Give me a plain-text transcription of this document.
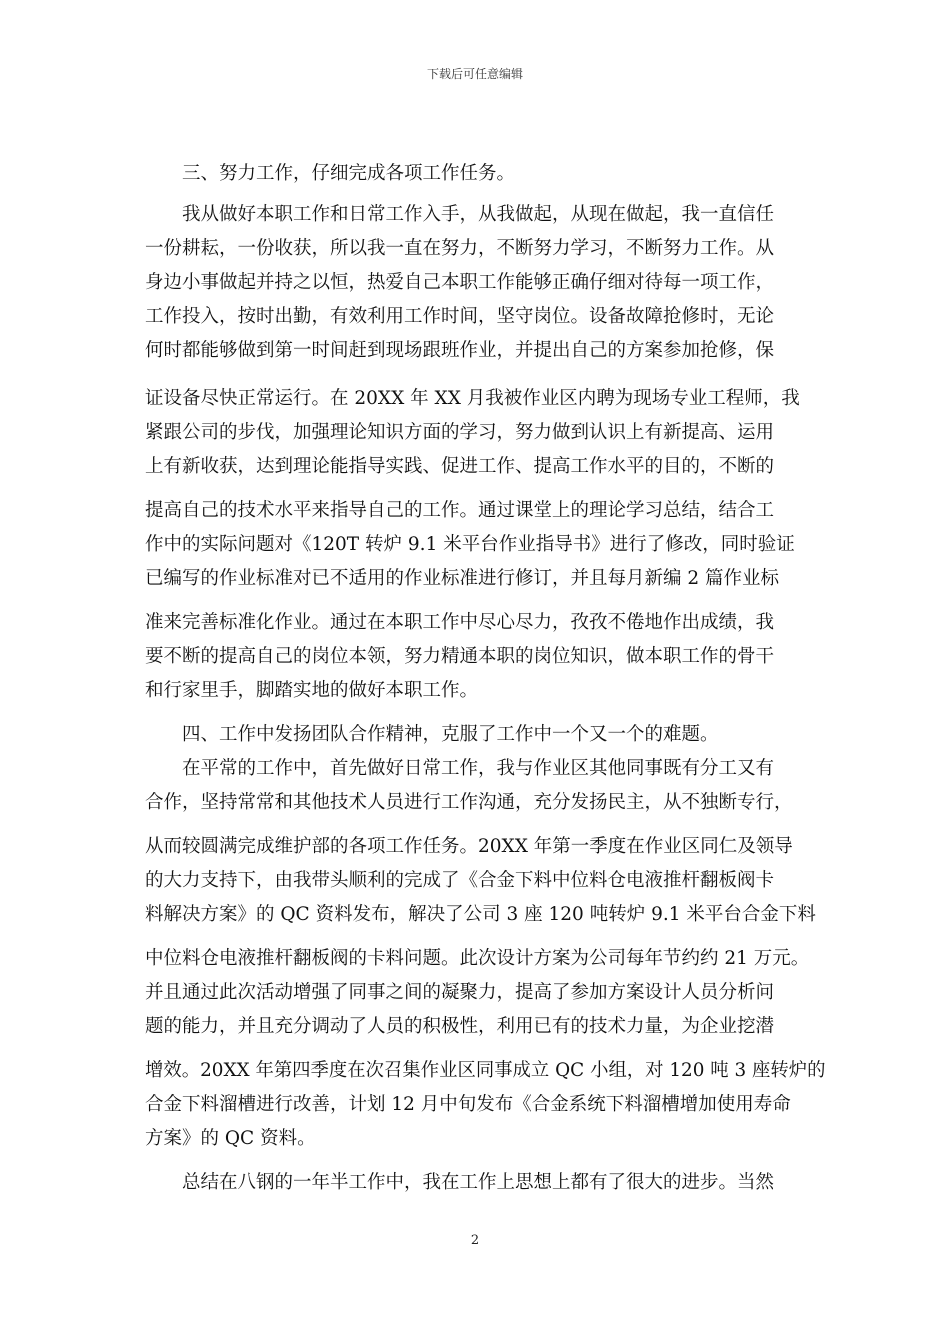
下载后可任意编辑
　　三、努力工作，仔细完成各项工作任务。
　　我从做好本职工作和日常工作入手，从我做起，从现在做起，我一直信任
一份耕耘，一份收获，所以我一直在努力，不断努力学习，不断努力工作。从
身边小事做起并持之以恒，热爱自己本职工作能够正确仔细对待每一项工作，
工作投入，按时出勤，有效利用工作时间，坚守岗位。设备故障抢修时，无论
何时都能够做到第一时间赶到现场跟班作业，并提出自己的方案参加抢修，保
证设备尽快正常运行。在 20XX 年 XX 月我被作业区内聘为现场专业工程师，我
紧跟公司的步伐，加强理论知识方面的学习，努力做到认识上有新提高、运用
上有新收获，达到理论能指导实践、促进工作、提高工作水平的目的，不断的
提高自己的技术水平来指导自己的工作。通过课堂上的理论学习总结，结合工
作中的实际问题对《120T 转炉 9.1 米平台作业指导书》进行了修改，同时验证
已编写的作业标准对已不适用的作业标准进行修订，并且每月新编 2 篇作业标
准来完善标准化作业。通过在本职工作中尽心尽力，孜孜不倦地作出成绩，我
要不断的提高自己的岗位本领，努力精通本职的岗位知识，做本职工作的骨干
和行家里手，脚踏实地的做好本职工作。
　　四、工作中发扬团队合作精神，克服了工作中一个又一个的难题。
　　在平常的工作中，首先做好日常工作，我与作业区其他同事既有分工又有
合作，坚持常常和其他技术人员进行工作沟通，充分发扬民主，从不独断专行，
从而较圆满完成维护部的各项工作任务。20XX 年第一季度在作业区同仁及领导
的大力支持下，由我带头顺利的完成了《合金下料中位料仓电液推杆翻板阀卡
料解决方案》的 QC 资料发布，解决了公司 3 座 120 吨转炉 9.1 米平台合金下料
中位料仓电液推杆翻板阀的卡料问题。此次设计方案为公司每年节约约 21 万元。
并且通过此次活动增强了同事之间的凝聚力，提高了参加方案设计人员分析问
题的能力，并且充分调动了人员的积极性，利用已有的技术力量，为企业挖潜
增效。20XX 年第四季度在次召集作业区同事成立 QC 小组，对 120 吨 3 座转炉的
合金下料溜槽进行改善，计划 12 月中旬发布《合金系统下料溜槽增加使用寿命
方案》的 QC 资料。
　　总结在八钢的一年半工作中，我在工作上思想上都有了很大的进步。当然
2
